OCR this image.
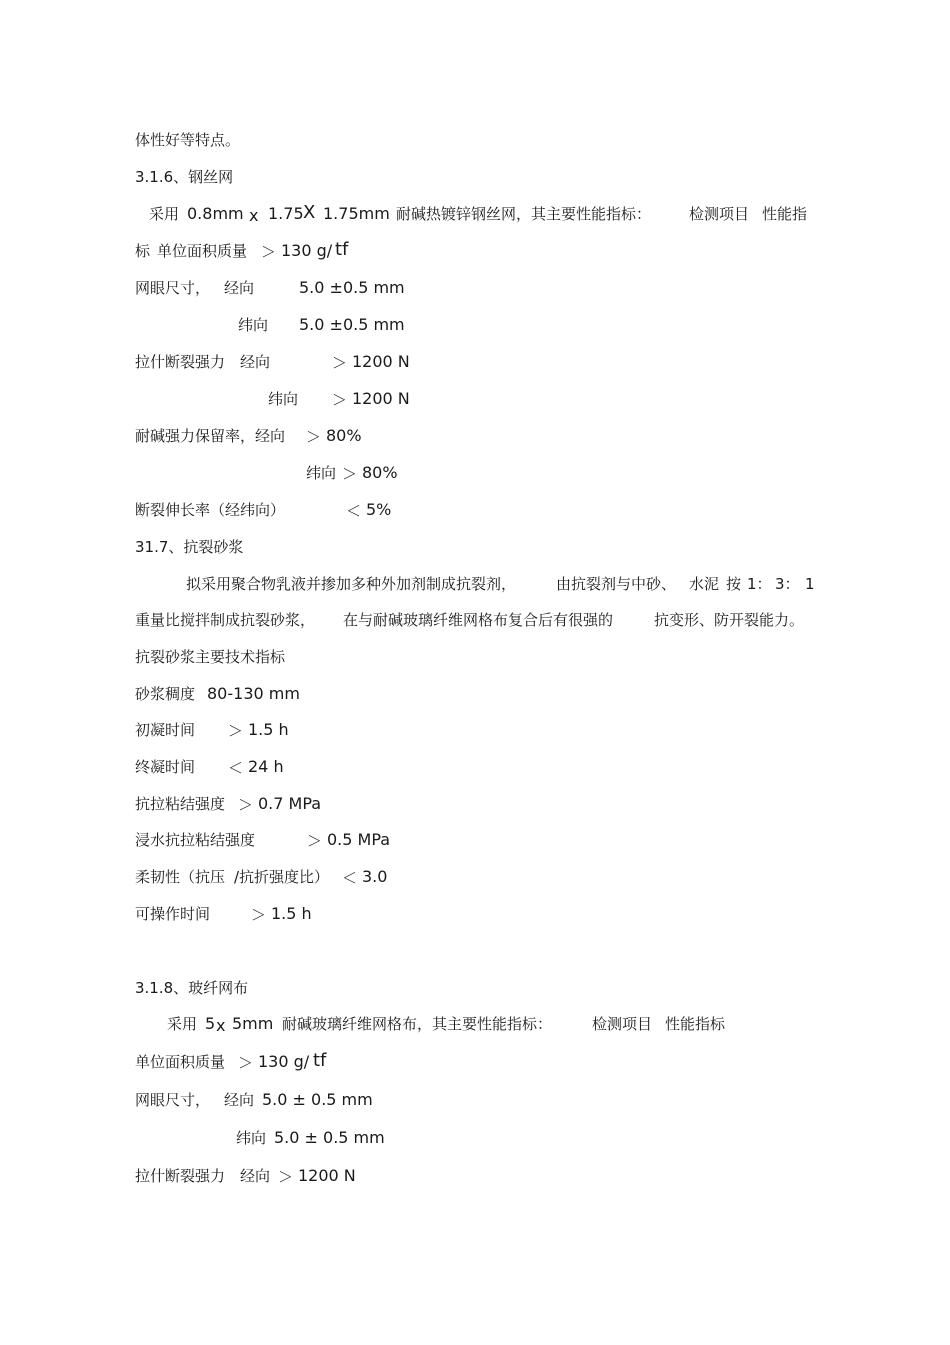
体性好等特点。
3.1.6、钢丝网
采用 0.8mm x 1.75 X 1.75mm 耐碱热镀锌钢丝网，其主要性能指标：	检测项目 性能指
标 单位面积质量 ＞ 130 g/ tf
网眼尺寸， 经向	5.0 ±0.5 mm
纬向 5.0 ±0.5 mm
拉什断裂强力 经向	＞ 1200 N
纬向 ＞ 1200 N
耐碱强力保留率，经向 ＞ 80%
纬向 ＞ 80%
断裂伸长率（经纬向）	＜ 5%
31.7、抗裂砂浆
拟采用聚合物乳液并掺加多种外加剂制成抗裂剂，	由抗裂剂与中砂、 水泥 按 1： 3： 1
重量比搅拌制成抗裂砂浆， 在与耐碱玻璃纤维网格布复合后有很强的	抗变形、防开裂能力。
抗裂砂浆主要技术指标
砂浆稠度 80-130 mm
初凝时间 ＞ 1.5 h
终凝时间 ＜ 24 h
抗拉粘结强度 ＞ 0.7 MPa
浸水抗拉粘结强度	＞ 0.5 MPa
柔韧性（抗压 /抗折强度比） ＜ 3.0
可操作时间	＞ 1.5 h
3.1.8、玻纤网布
采用 5 x 5mm 耐碱玻璃纤维网格布，其主要性能指标：	检测项目 性能指标
单位面积质量 ＞ 130 g/ tf
网眼尺寸， 经向 5.0 ± 0.5 mm
纬向 5.0 ± 0.5 mm
拉什断裂强力 经向 ＞ 1200 N
